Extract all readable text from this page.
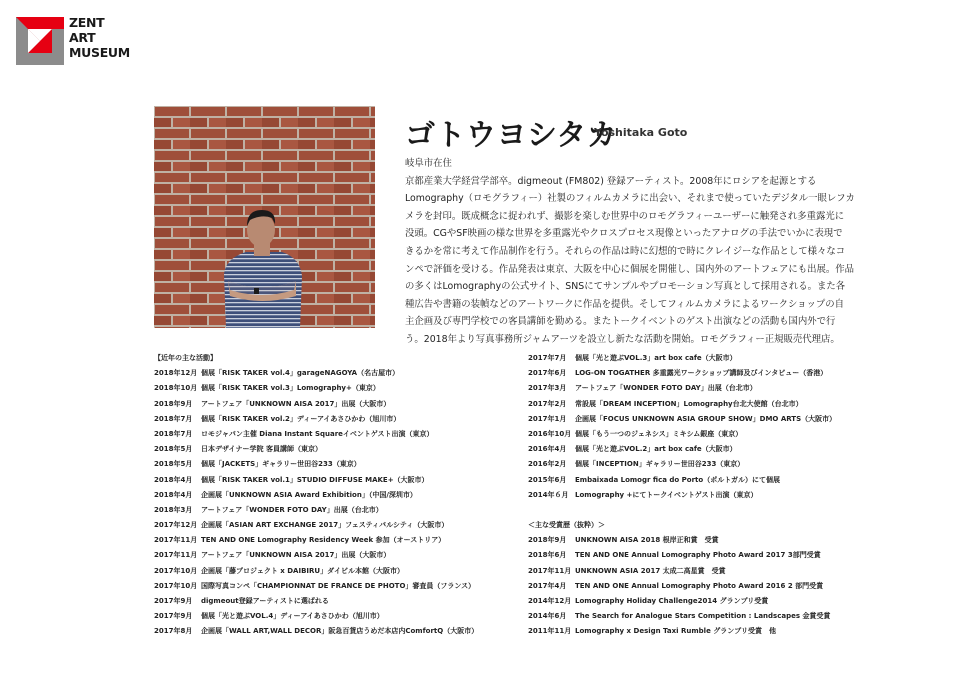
ZENT
ART
MUSEUM
ゴトウヨシタカ
Yoshitaka Goto
岐阜市在住
京都産業大学経営学部卒。digmeout (FM802) 登録アーティスト。2008年にロシアを起源とする
Lomography（ロモグラフィー）社製のフィルムカメラに出会い、それまで使っていたデジタル一眼レフカ
メラを封印。既成概念に捉われず、撮影を楽しむ世界中のロモグラフィーユーザーに触発され多重露光に
没頭。CGやSF映画の様な世界を多重露光やクロスプロセス現像といったアナログの手法でいかに表現で
きるかを常に考えて作品制作を行う。それらの作品は時に幻想的で時にクレイジーな作品として様々なコ
ンペで評価を受ける。作品発表は東京、大阪を中心に個展を開催し、国内外のアートフェアにも出展。作品
の多くはLomographyの公式サイト、SNSにてサンプルやプロモーション写真として採用される。また各
種広告や書籍の装幀などのアートワークに作品を提供。そしてフィルムカメラによるワークショップの自
主企画及び専門学校での客員講師を勤める。またトークイベントのゲスト出演などの活動も国内外で行
う。2018年より写真事務所ジャムアーツを設立し新たな活動を開始。ロモグラフィー正規販売代理店。
【近年の主な活動】
2018年12月 個展「RISK TAKER vol.4」garageNAGOYA（名古屋市）
2018年10月 個展「RISK TAKER vol.3」Lomography+（東京）
2018年9月	アートフェア「UNKNOWN AISA 2017」出展（大阪市）
2018年7月	個展「RISK TAKER vol.2」ディーアイあさひかわ（旭川市）
2018年7月	ロモジャパン主催 Diana Instant Squareイベントゲスト出演（東京）
2018年5月	日本デザイナー学院 客員講師（東京）
2018年5月	個展「JACKETS」ギャラリー世田谷233（東京）
2018年4月	個展「RISK TAKER vol.1」STUDIO DIFFUSE MAKE+（大阪市）
2018年4月	企画展「UNKNOWN ASIA Award Exhibition」（中国/深圳市）
2018年3月	アートフェア「WONDER FOTO DAY」出展（台北市）
2017年12月 企画展「ASIAN ART EXCHANGE 2017」フェスティバルシティ（大阪市）
2017年11月 TEN AND ONE Lomography Residency Week 参加（オーストリア）
2017年11月 アートフェア「UNKNOWN AISA 2017」出展（大阪市）
2017年10月 企画展「藤プロジェクト x DAIBIRU」ダイビル本館（大阪市）
2017年10月 国際写真コンペ「CHAMPIONNAT DE FRANCE DE PHOTO」審査員（フランス）
2017年9月	digmeout登録アーティストに選ばれる
2017年9月	個展「光と遊ぶVOL.4」ディーアイあさひかわ（旭川市）
2017年8月	企画展「WALL ART,WALL DECOR」阪急百貨店うめだ本店内ComfortQ（大阪市）
2017年7月	個展「光と遊ぶVOL.3」art box cafe（大阪市）
2017年6月	LOG-ON TOGATHER 多重露光ワークショップ講師及びインタビュー（香港）
2017年3月	アートフェア「WONDER FOTO DAY」出展（台北市）
2017年2月	常設展「DREAM INCEPTION」Lomography台北大使館（台北市）
2017年1月	企画展「FOCUS UNKNOWN ASIA GROUP SHOW」DMO ARTS（大阪市）
2016年10月 個展「もう一つのジェネシス」ミキシム銀座（東京）
2016年4月	個展「光と遊ぶVOL.2」art box cafe（大阪市）
2016年2月	個展「INCEPTION」ギャラリー世田谷233（東京）
2015年6月	Embaixada Lomogr fica do Porto（ポルトガル）にて個展
2014年６月 Lomography +にてトークイベントゲスト出演（東京）
＜主な受賞歴（抜粋）＞
2018年9月	UNKNOWN AISA 2018 根岸正和賞　受賞
2018年6月	TEN AND ONE Annual Lomography Photo Award 2017 3部門受賞
2017年11月 UNKNOWN ASIA 2017 太成二高星賞　受賞
2017年4月	TEN AND ONE Annual Lomography Photo Award 2016 2 部門受賞
2014年12月 Lomography Holiday Challenge2014 グランプリ受賞
2014年6月	The Search for Analogue Stars Competition : Landscapes 金賞受賞
2011年11月 Lomography x Design Taxi Rumble グランプリ受賞　他
